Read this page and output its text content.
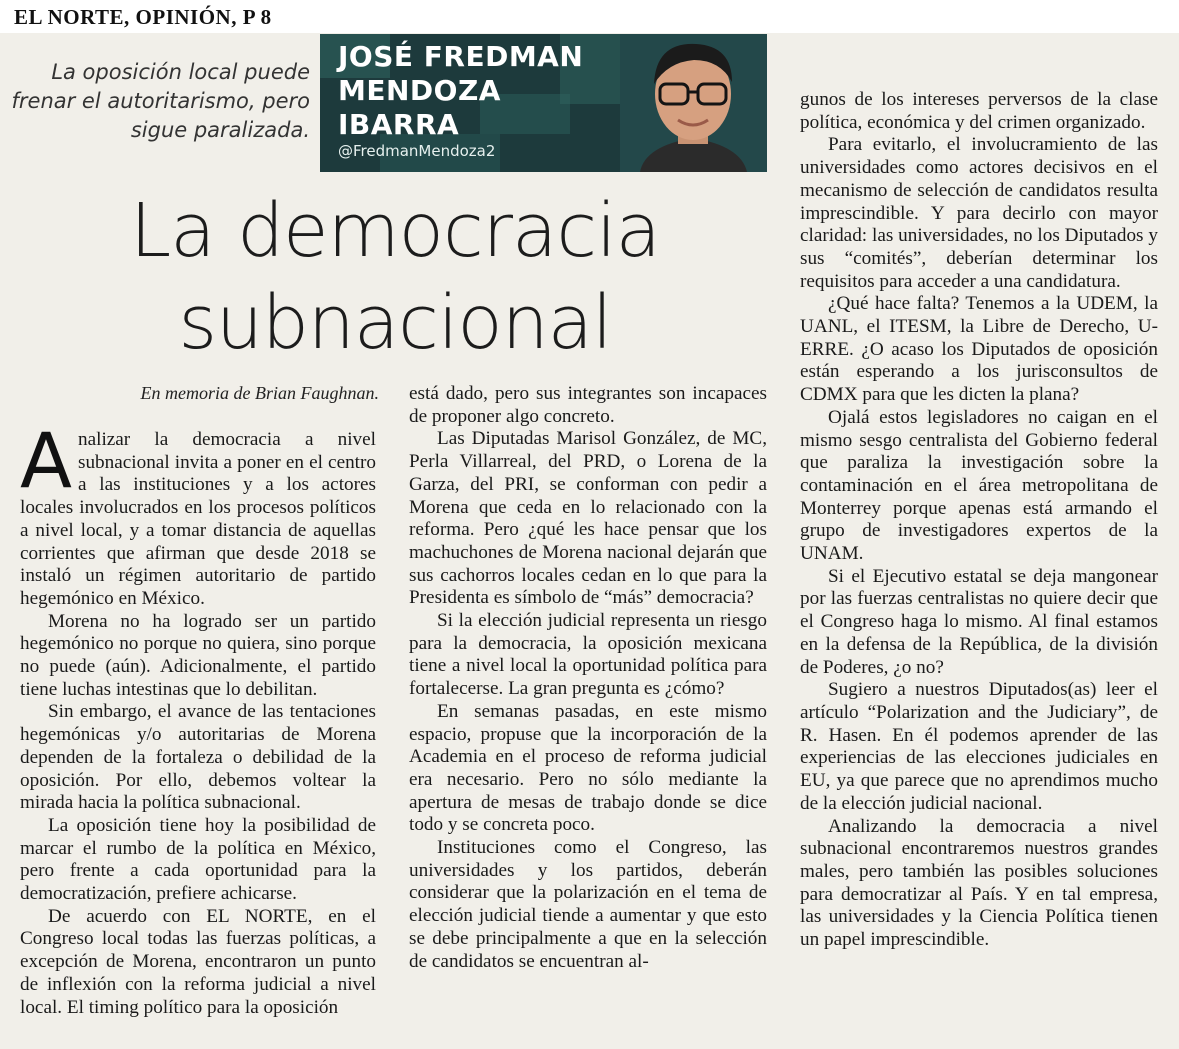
EL NORTE, OPINIÓN, P 8
La oposición local puede frenar el autoritarismo, pero sigue paralizada.
JOSÉ FREDMAN
MENDOZA
IBARRA
@FredmanMendoza2
La democracia
subnacional
En memoria de Brian Faughnan.

Analizar la democracia a nivel subnacional invita a poner en el centro a las instituciones y a los actores locales involucrados en los procesos políticos a nivel local, y a tomar distancia de aquellas corrientes que afirman que desde 2018 se instaló un régimen autoritario de partido hegemónico en México.

Morena no ha logrado ser un partido hegemónico no porque no quiera, sino porque no puede (aún). Adicionalmente, el partido tiene luchas intestinas que lo debilitan.

Sin embargo, el avance de las tentaciones hegemónicas y/o autoritarias de Morena dependen de la fortaleza o debilidad de la oposición. Por ello, debemos voltear la mirada hacia la política subnacional.

La oposición tiene hoy la posibilidad de marcar el rumbo de la política en México, pero frente a cada oportunidad para la democratización, prefiere achicarse.

De acuerdo con EL NORTE, en el Congreso local todas las fuerzas políticas, a excepción de Morena, encontraron un punto de inflexión con la reforma judicial a nivel local. El timing político para la oposición

está dado, pero sus integrantes son incapaces de proponer algo concreto.

Las Diputadas Marisol González, de MC, Perla Villarreal, del PRD, o Lorena de la Garza, del PRI, se conforman con pedir a Morena que ceda en lo relacionado con la reforma. Pero ¿qué les hace pensar que los machuchones de Morena nacional dejarán que sus cachorros locales cedan en lo que para la Presidenta es símbolo de “más” democracia?

Si la elección judicial representa un riesgo para la democracia, la oposición mexicana tiene a nivel local la oportunidad política para fortalecerse. La gran pregunta es ¿cómo?

En semanas pasadas, en este mismo espacio, propuse que la incorporación de la Academia en el proceso de reforma judicial era necesario. Pero no sólo mediante la apertura de mesas de trabajo donde se dice todo y se concreta poco.

Instituciones como el Congreso, las universidades y los partidos, deberán considerar que la polarización en el tema de elección judicial tiende a aumentar y que esto se debe principalmente a que en la selección de candidatos se encuentran al-

gunos de los intereses perversos de la clase política, económica y del crimen organizado.

Para evitarlo, el involucramiento de las universidades como actores decisivos en el mecanismo de selección de candidatos resulta imprescindible. Y para decirlo con mayor claridad: las universidades, no los Diputados y sus “comités”, deberían determinar los requisitos para acceder a una candidatura.

¿Qué hace falta? Tenemos a la UDEM, la UANL, el ITESM, la Libre de Derecho, U-ERRE. ¿O acaso los Diputados de oposición están esperando a los jurisconsultos de CDMX para que les dicten la plana?

Ojalá estos legisladores no caigan en el mismo sesgo centralista del Gobierno federal que paraliza la investigación sobre la contaminación en el área metropolitana de Monterrey porque apenas está armando el grupo de investigadores expertos de la UNAM.

Si el Ejecutivo estatal se deja mangonear por las fuerzas centralistas no quiere decir que el Congreso haga lo mismo. Al final estamos en la defensa de la República, de la división de Poderes, ¿o no?

Sugiero a nuestros Diputados(as) leer el artículo “Polarization and the Judiciary”, de R. Hasen. En él podemos aprender de las experiencias de las elecciones judiciales en EU, ya que parece que no aprendimos mucho de la elección judicial nacional.

Analizando la democracia a nivel subnacional encontraremos nuestros grandes males, pero también las posibles soluciones para democratizar al País. Y en tal empresa, las universidades y la Ciencia Política tienen un papel imprescindible.
